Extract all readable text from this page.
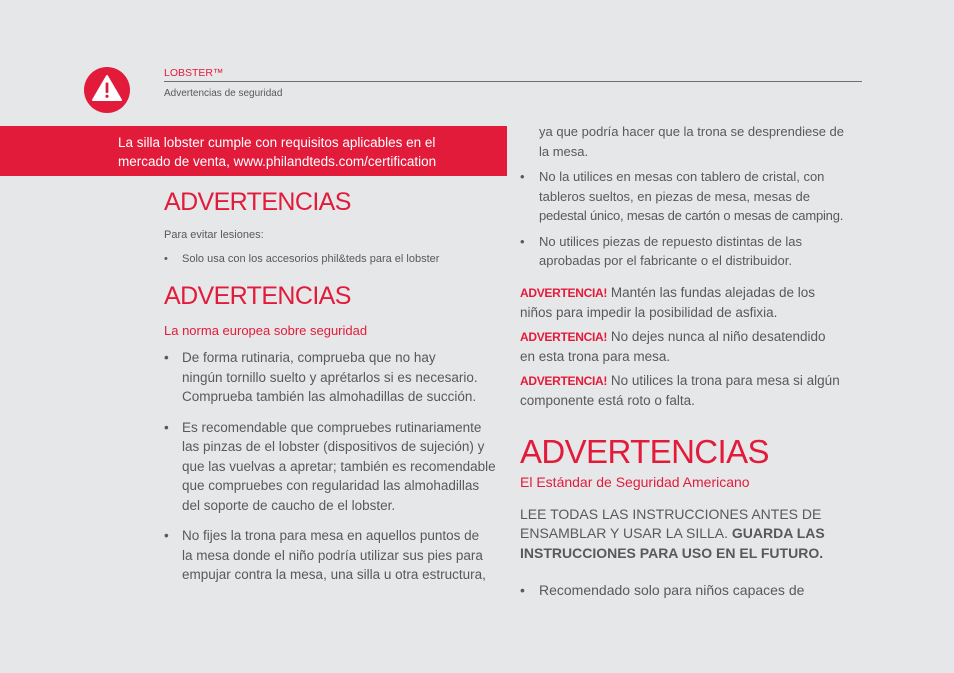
LOBSTER™
Advertencias de seguridad
La silla lobster cumple con requisitos aplicables en el
mercado de venta, www.philandteds.com/certification
ADVERTENCIAS

Para evitar lesiones:

• Solo usa con los accesorios phil&teds para el lobster
ADVERTENCIAS

La norma europea sobre seguridad

• De forma rutinaria, comprueba que no hay
ningún tornillo suelto y aprétarlos si es necesario.
Comprueba también las almohadillas de succión.
• Es recomendable que compruebes rutinariamente
las pinzas de el lobster (dispositivos de sujeción) y
que las vuelvas a apretar; también es recomendable
que compruebes con regularidad las almohadillas
del soporte de caucho de el lobster.
• No fijes la trona para mesa en aquellos puntos de
la mesa donde el niño podría utilizar sus pies para
empujar contra la mesa, una silla u otra estructura,
ya que podría hacer que la trona se desprendiese de
la mesa.
• No la utilices en mesas con tablero de cristal, con
tableros sueltos, en piezas de mesa, mesas de
pedestal único, mesas de cartón o mesas de camping.
• No utilices piezas de repuesto distintas de las
aprobadas por el fabricante o el distribuidor.

ADVERTENCIA! Mantén las fundas alejadas de los
niños para impedir la posibilidad de asfixia.

ADVERTENCIA! No dejes nunca al niño desatendido
en esta trona para mesa.

ADVERTENCIA! No utilices la trona para mesa si algún
componente está roto o falta.

ADVERTENCIAS

El Estándar de Seguridad Americano

LEE TODAS LAS INSTRUCCIONES ANTES DE
ENSAMBLAR Y USAR LA SILLA. GUARDA LAS
INSTRUCCIONES PARA USO EN EL FUTURO.

• Recomendado solo para niños capaces de
